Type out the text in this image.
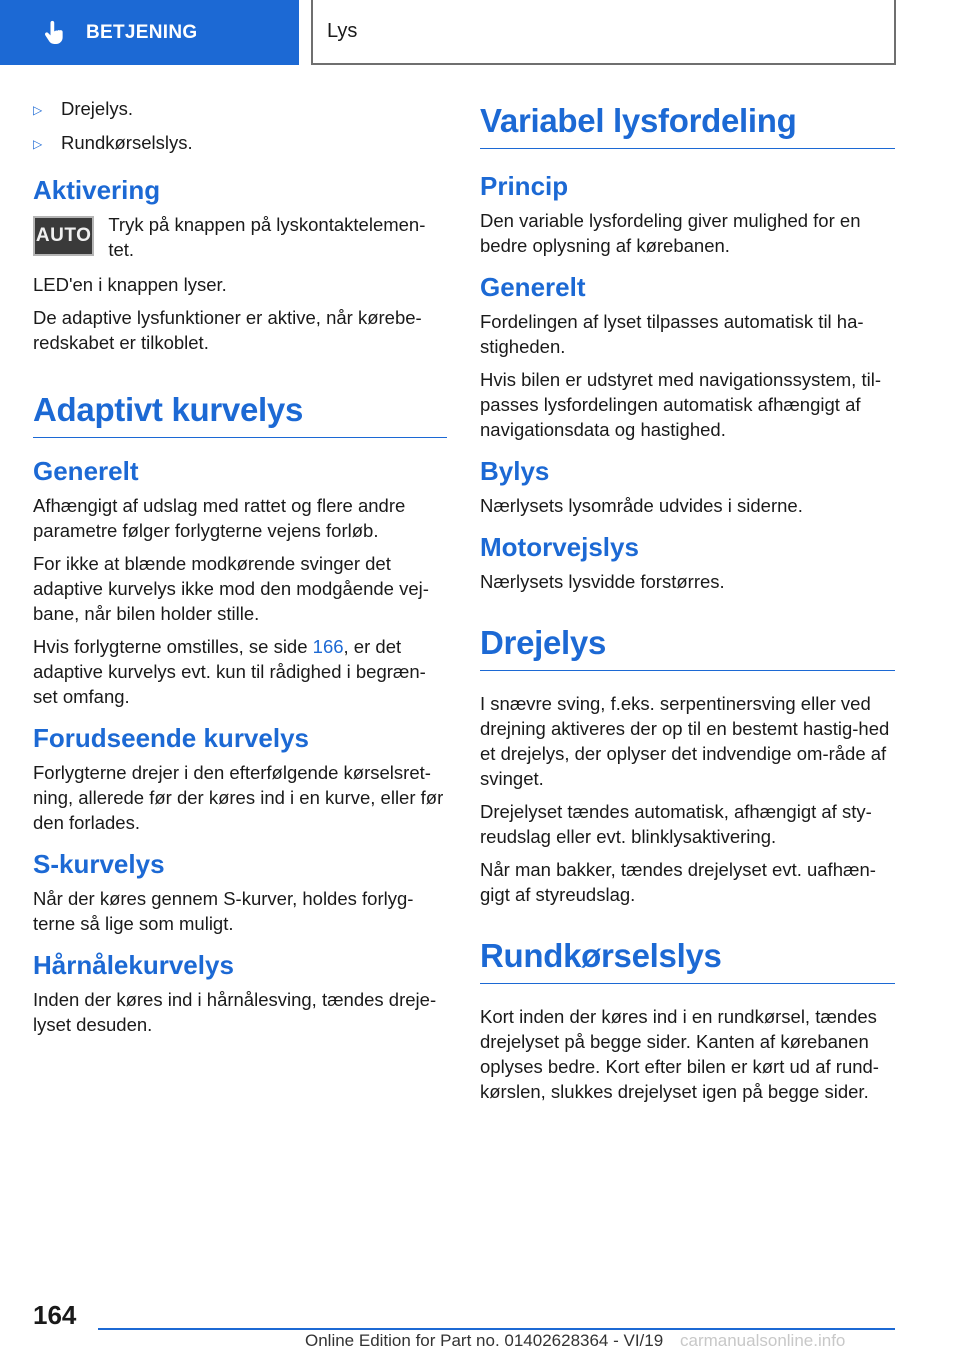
BETJENING	Lys
▷	Drejelys.
▷	Rundkørselslys.
Aktivering
AUTO

Tryk på knappen på lyskontaktelemen-tet.

LED'en i knappen lyser.

De adaptive lysfunktioner er aktive, når kørebe-redskabet er tilkoblet.

Adaptivt kurvelys
Generelt

Afhængigt af udslag med rattet og flere andre parametre følger forlygterne vejens forløb.

For ikke at blænde modkørende svinger det adaptive kurvelys ikke mod den modgående vej-bane, når bilen holder stille.

Hvis forlygterne omstilles, se side 166, er det adaptive kurvelys evt. kun til rådighed i begræn-set omfang.

Forudseende kurvelys

Forlygterne drejer i den efterfølgende kørselsret-ning, allerede før der køres ind i en kurve, eller før den forlades.

S-kurvelys

Når der køres gennem S-kurver, holdes forlyg-terne så lige som muligt.

Hårnålekurvelys

Inden der køres ind i hårnålesving, tændes dreje-lyset desuden.

Variabel lysfordeling
Princip

Den variable lysfordeling giver mulighed for en bedre oplysning af kørebanen.

Generelt

Fordelingen af lyset tilpasses automatisk til ha-stigheden.

Hvis bilen er udstyret med navigationssystem, til-passes lysfordelingen automatisk afhængigt af navigationsdata og hastighed.

Bylys

Nærlysets lysområde udvides i siderne.

Motorvejslys

Nærlysets lysvidde forstørres.

Drejelys

I snævre sving, f.eks. serpentinersving eller ved drejning aktiveres der op til en bestemt hastig-hed et drejelys, der oplyser det indvendige om-råde af svinget.

Drejelyset tændes automatisk, afhængigt af sty-reudslag eller evt. blinklysaktivering.

Når man bakker, tændes drejelyset evt. uafhæn-gigt af styreudslag.

Rundkørselslys

Kort inden der køres ind i en rundkørsel, tændes drejelyset på begge sider. Kanten af kørebanen oplyses bedre. Kort efter bilen er kørt ud af rund-kørslen, slukkes drejelyset igen på begge sider.

164
Online Edition for Part no. 01402628364 - VI/19 carmanualsonline.info
